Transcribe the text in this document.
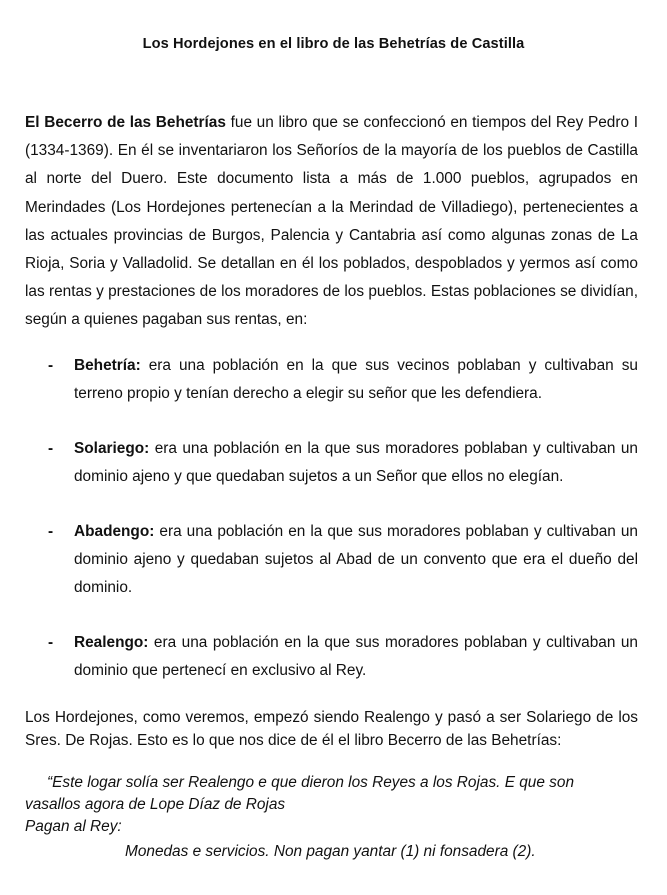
Los Hordejones en el libro de las Behetrías de Castilla

El Becerro de las Behetrías fue un libro que se confeccionó en tiempos del Rey Pedro I (1334-1369). En él se inventariaron los Señoríos de la mayoría de los pueblos de Castilla al norte del Duero. Este documento lista a más de 1.000 pueblos, agrupados en Merindades (Los Hordejones pertenecían a la Merindad de Villadiego), pertenecientes a las actuales provincias de Burgos, Palencia y Cantabria así como algunas zonas de La Rioja, Soria y Valladolid. Se detallan en él los poblados, despoblados y yermos así como las rentas y prestaciones de los moradores de los pueblos. Estas poblaciones se dividían, según a quienes pagaban sus rentas, en:

- Behetría: era una población en la que sus vecinos poblaban y cultivaban su terreno propio y tenían derecho a elegir su señor que les defendiera.

- Solariego: era una población en la que sus moradores poblaban y cultivaban un dominio ajeno y que quedaban sujetos a un Señor que ellos no elegían.

- Abadengo: era una población en la que sus moradores poblaban y cultivaban un dominio ajeno y quedaban sujetos al Abad de un convento que era el dueño del dominio.

- Realengo: era una población en la que sus moradores poblaban y cultivaban un dominio que pertenecí en exclusivo al Rey.

Los Hordejones, como veremos, empezó siendo Realengo y pasó a ser Solariego de los Sres. De Rojas. Esto es lo que nos dice de él el libro Becerro de las Behetrías:

“Este logar solía ser Realengo e que dieron los Reyes a los Rojas. E que son
vasallos agora de Lope Díaz de Rojas
Pagan al Rey:
Monedas e servicios. Non pagan yantar (1) ni fonsadera (2).
